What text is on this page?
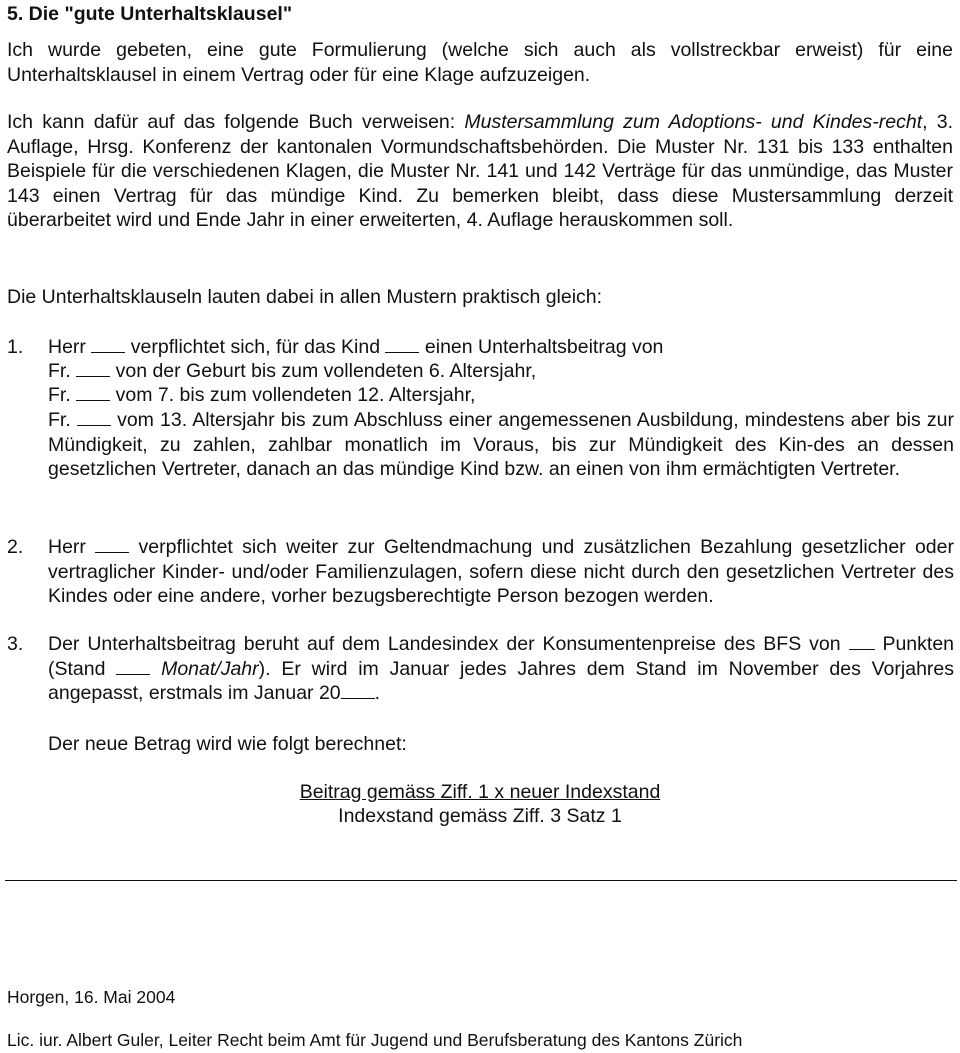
5. Die "gute Unterhaltsklausel"
Ich wurde gebeten, eine gute Formulierung (welche sich auch als vollstreckbar erweist) für eine Unterhaltsklausel in einem Vertrag oder für eine Klage aufzuzeigen.
Ich kann dafür auf das folgende Buch verweisen: Mustersammlung zum Adoptions- und Kindes-recht, 3. Auflage, Hrsg. Konferenz der kantonalen Vormundschaftsbehörden. Die Muster Nr. 131 bis 133 enthalten Beispiele für die verschiedenen Klagen, die Muster Nr. 141 und 142 Verträge für das unmündige, das Muster 143 einen Vertrag für das mündige Kind. Zu bemerken bleibt, dass diese Mustersammlung derzeit überarbeitet wird und Ende Jahr in einer erweiterten, 4. Auflage herauskommen soll.
Die Unterhaltsklauseln lauten dabei in allen Mustern praktisch gleich:
1. Herr verpflichtet sich, für das Kind einen Unterhaltsbeitrag von
Fr. von der Geburt bis zum vollendeten 6. Altersjahr,
Fr. vom 7. bis zum vollendeten 12. Altersjahr,
Fr. vom 13. Altersjahr bis zum Abschluss einer angemessenen Ausbildung, mindestens aber bis zur Mündigkeit, zu zahlen, zahlbar monatlich im Voraus, bis zur Mündigkeit des Kin-des an dessen gesetzlichen Vertreter, danach an das mündige Kind bzw. an einen von ihm ermächtigten Vertreter.
2. Herr	verpflichtet sich weiter zur Geltendmachung und zusätzlichen Bezahlung gesetzlicher oder vertraglicher Kinder- und/oder Familienzulagen, sofern diese nicht durch den gesetzlichen Vertreter des Kindes oder eine andere, vorher bezugsberechtigte Person bezogen werden.
3. Der Unterhaltsbeitrag beruht auf dem Landesindex der Konsumentenpreise des BFS von Punkten (Stand	Monat/Jahr). Er wird im Januar jedes Jahres dem Stand im November des Vorjahres angepasst, erstmals im Januar 20 .
Der neue Betrag wird wie folgt berechnet:
Beitrag gemäss Ziff. 1 x neuer Indexstand
Indexstand gemäss Ziff. 3 Satz 1
Horgen, 16. Mai 2004
Lic. iur. Albert Guler, Leiter Recht beim Amt für Jugend und Berufsberatung des Kantons Zürich
